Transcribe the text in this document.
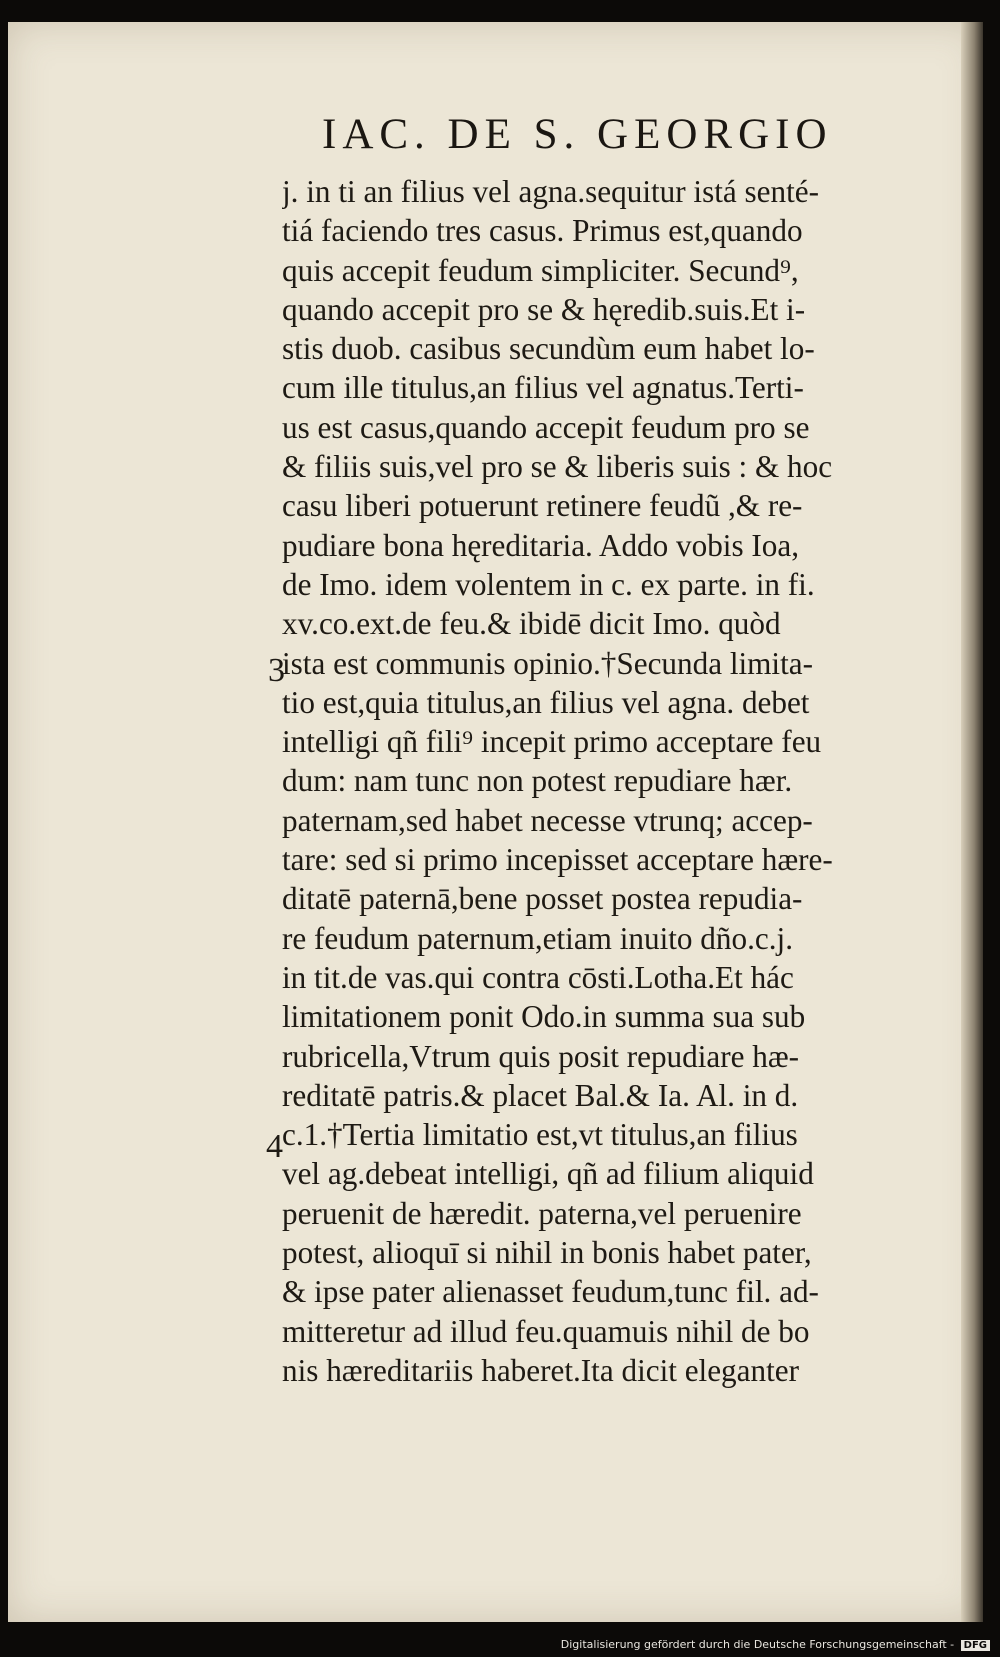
IAC. DE S. GEORGIO
j. in ti an filius vel agna.sequitur istá senté-
tiá faciendo tres casus. Primus est,quando
quis accepit feudum simpliciter. Secund⁹,
quando accepit pro se & hęredib.suis.Et i-
stis duob. casibus secundùm eum habet lo-
cum ille titulus,an filius vel agnatus.Terti-
us est casus,quando accepit feudum pro se
& filiis suis,vel pro se & liberis suis : & hoc
casu liberi potuerunt retinere feudũ ,& re-
pudiare bona hęreditaria. Addo vobis Ioa,
de Imo. idem volentem in c. ex parte. in fi.
xv.co.ext.de feu.& ibidē dicit Imo. quòd
ista est communis opinio.†Secunda limita-
tio est,quia titulus,an filius vel agna. debet
intelligi qñ fili⁹ incepit primo acceptare feu
dum: nam tunc non potest repudiare hær.
paternam,sed habet necesse vtrunq; accep-
tare: sed si primo incepisset acceptare hære-
ditatē paternā,bene posset postea repudia-
re feudum paternum,etiam inuito dño.c.j.
in tit.de vas.qui contra cōsti.Lotha.Et hác
limitationem ponit Odo.in summa sua sub
rubricella,Vtrum quis posit repudiare hæ-
reditatē patris.& placet Bal.& Ia. Al. in d.
c.1.†Tertia limitatio est,vt titulus,an filius
vel ag.debeat intelligi, qñ ad filium aliquid
peruenit de hæredit. paterna,vel peruenire
potest, alioquī si nihil in bonis habet pater,
& ipse pater alienasset feudum,tunc fil. ad-
mitteretur ad illud feu.quamuis nihil de bo
nis hæreditariis haberet.Ita dicit eleganter
3
4
Digitalisierung gefördert durch die Deutsche Forschungsgemeinschaft - DFG
